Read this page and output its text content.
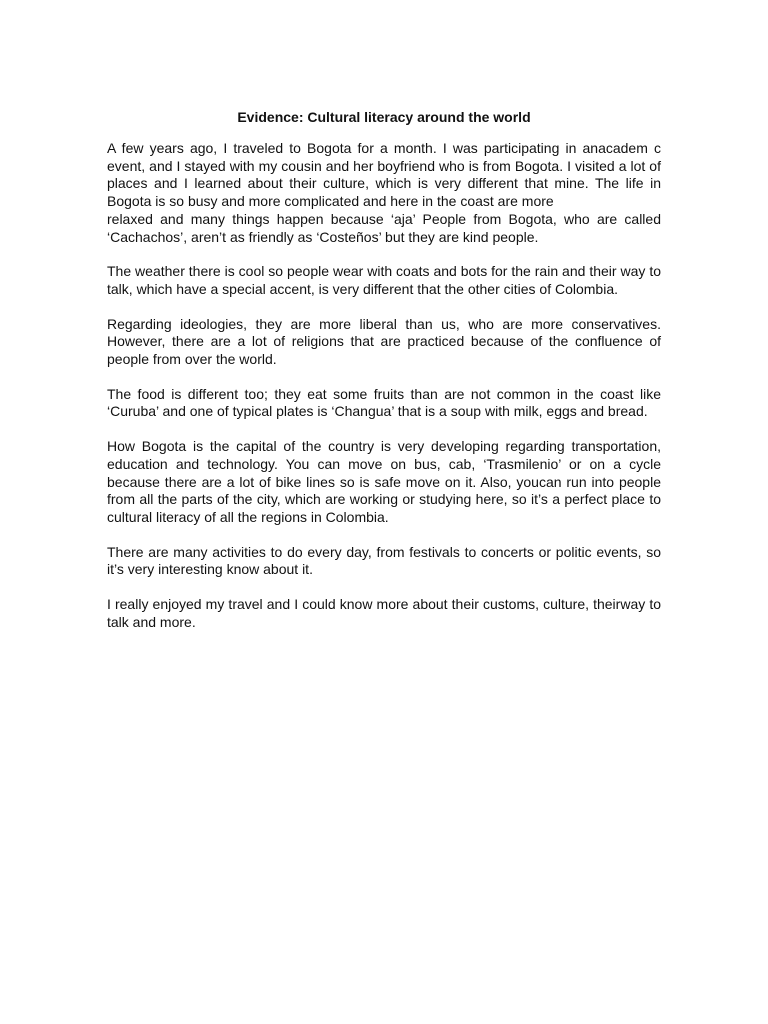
Evidence: Cultural literacy around the world

A few years ago, I traveled to Bogota for a month. I was participating in anacadem c event, and I stayed with my cousin and her boyfriend who is from Bogota. I visited a lot of places and I learned about their culture, which is very different that mine. The life in Bogota is so busy and more complicated and here in the coast are more
relaxed and many things happen because ‘aja’ People from Bogota, who are called ‘Cachachos’, aren’t as friendly as ‘Costeños’ but they are kind people.

The weather there is cool so people wear with coats and bots for the rain and their way to talk, which have a special accent, is very different that the other cities of Colombia.

Regarding ideologies, they are more liberal than us, who are more conservatives. However, there are a lot of religions that are practiced because of the confluence of people from over the world.

The food is different too; they eat some fruits than are not common in the coast like ‘Curuba’ and one of typical plates is ‘Changua’ that is a soup with milk, eggs and bread.

How Bogota is the capital of the country is very developing regarding transportation, education and technology. You can move on bus, cab, ‘Trasmilenio’ or on a cycle because there are a lot of bike lines so is safe move on it. Also, youcan run into people from all the parts of the city, which are working or studying here, so it’s a perfect place to cultural literacy of all the regions in Colombia.

There are many activities to do every day, from festivals to concerts or politic events, so it’s very interesting know about it.

I really enjoyed my travel and I could know more about their customs, culture, theirway to talk and more.
